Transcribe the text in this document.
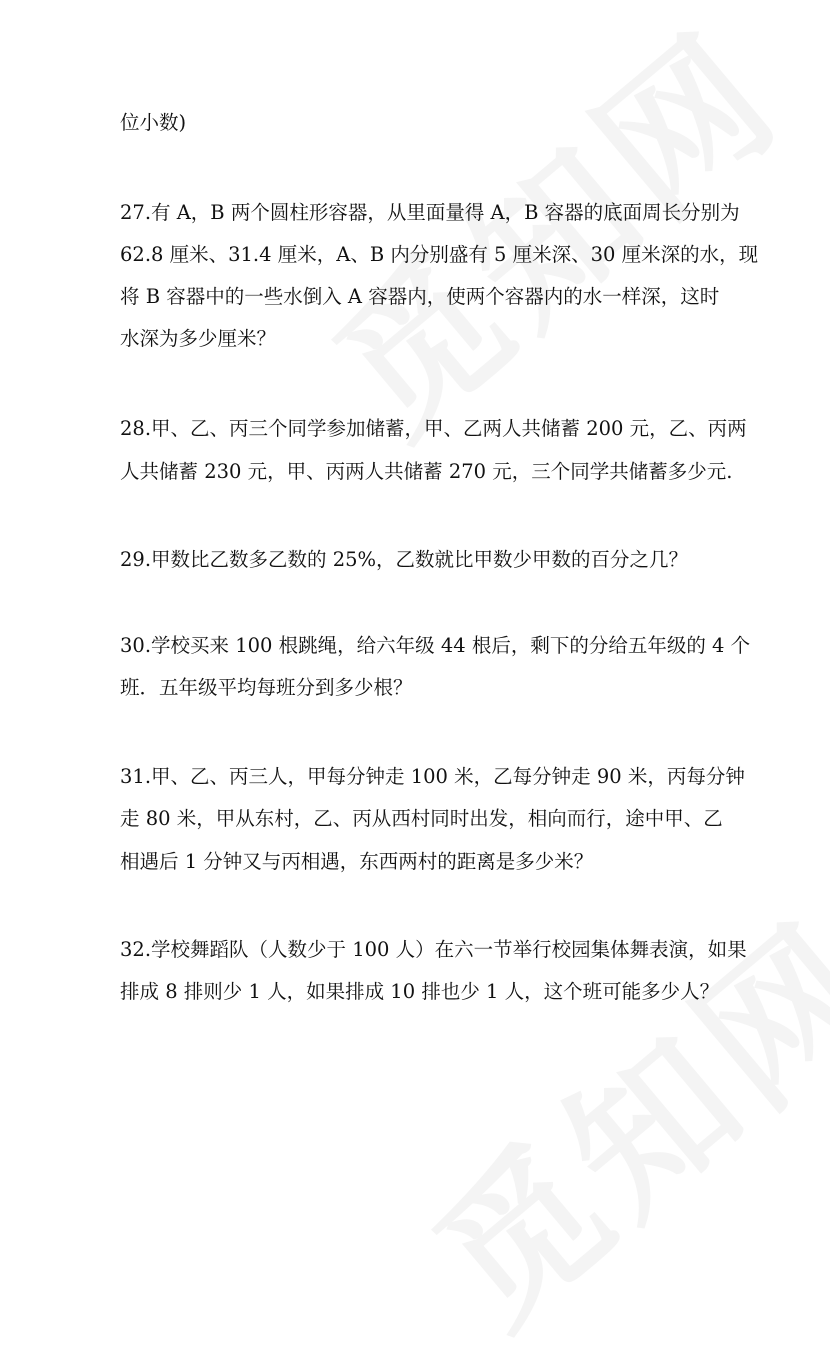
位小数)
27.有 A，B 两个圆柱形容器，从里面量得 A，B 容器的底面周长分别为
62.8 厘米、31.4 厘米，A、B 内分别盛有 5 厘米深、30 厘米深的水，现
将 B 容器中的一些水倒入 A 容器内，使两个容器内的水一样深，这时
水深为多少厘米？
28.甲、乙、丙三个同学参加储蓄，甲、乙两人共储蓄 200 元，乙、丙两
人共储蓄 230 元，甲、丙两人共储蓄 270 元，三个同学共储蓄多少元.
29.甲数比乙数多乙数的 25%，乙数就比甲数少甲数的百分之几？
30.学校买来 100 根跳绳，给六年级 44 根后，剩下的分给五年级的 4 个
班．五年级平均每班分到多少根？
31.甲、乙、丙三人，甲每分钟走 100 米，乙每分钟走 90 米，丙每分钟
走 80 米，甲从东村，乙、丙从西村同时出发，相向而行，途中甲、乙
相遇后 1 分钟又与丙相遇，东西两村的距离是多少米？
32.学校舞蹈队（人数少于 100 人）在六一节举行校园集体舞表演，如果
排成 8 排则少 1 人，如果排成 10 排也少 1 人，这个班可能多少人？
